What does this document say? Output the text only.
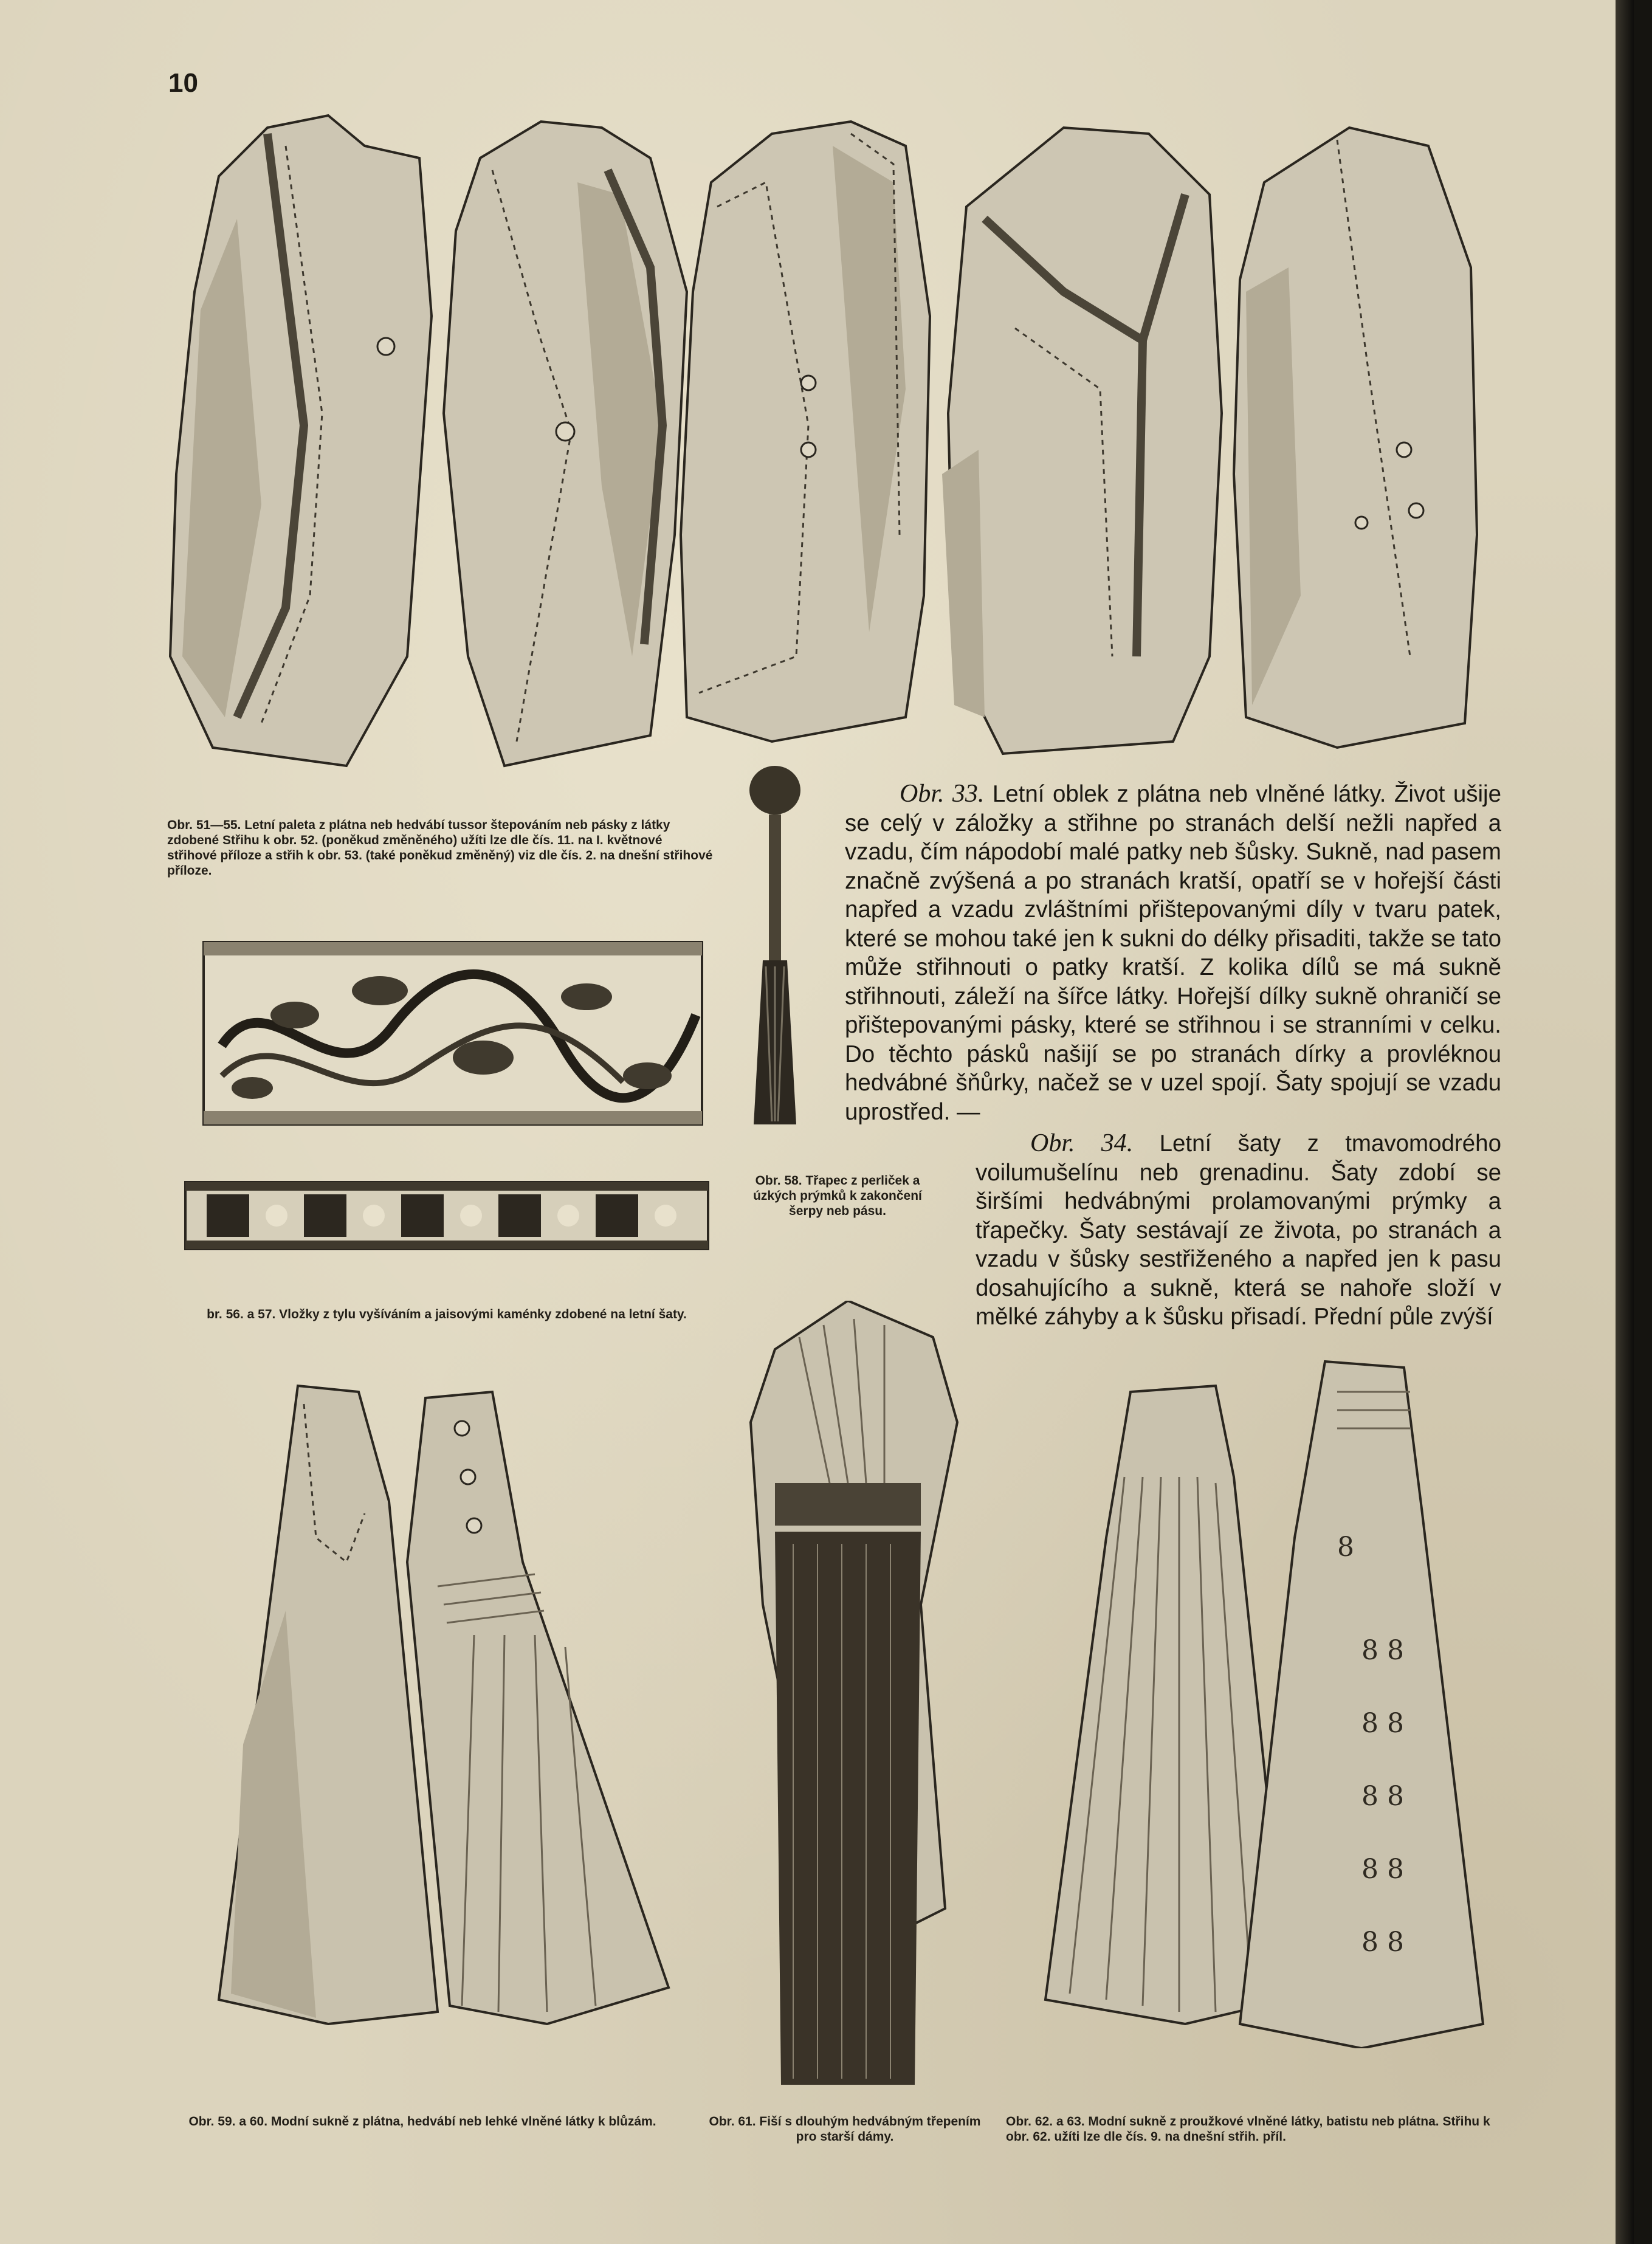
10
Obr. 51—55. Letní paleta z plátna neb hedvábí tussor štepováním neb pásky z látky zdobené Střihu k obr. 52. (poněkud změněného) užíti lze dle čís. 11. na I. květnové střihové příloze a střih k obr. 53. (také poněkud změněný) viz dle čís. 2. na dnešní střihové příloze.
br. 56. a 57. Vložky z tylu vyšíváním a jaisovými kaménky zdobené na letní šaty.
Obr. 58. Třapec z perliček a úzkých prýmků k zakončení šerpy neb pásu.

Obr. 33. Letní oblek z plátna neb vlněné látky. Život ušije se celý v záložky a střihne po stranách delší nežli napřed a vzadu, čím nápodobí malé patky neb šůsky. Sukně, nad pasem značně zvýšená a po stranách kratší, opatří se v hořejší části napřed a vzadu zvláštními přištepovanými díly v tvaru patek, které se mohou také jen k sukni do délky přisaditi, takže se tato může střihnouti o patky kratší. Z kolika dílů se má sukně střihnouti, záleží na šířce látky. Hořejší dílky sukně ohraničí se přištepovanými pásky, které se střihnou i se stranními v celku. Do těchto pásků našijí se po stranách dírky a provléknou hedvábné šňůrky, načež se v uzel spojí. Šaty spojují se vzadu uprostřed. —

Obr. 34. Letní šaty z tmavomodrého voilumušelínu neb grenadinu. Šaty zdobí se širšími hedvábnými prolamovanými prýmky a třapečky. Šaty sestávají ze života, po stranách a vzadu v šůsky sestřiženého a napřed jen k pasu dosahujícího a sukně, která se nahoře složí v mělké záhyby a k šůsku přisadí. Přední půle zvýší

Obr. 59. a 60. Modní sukně z plátna, hedvábí neb lehké vlněné látky k blůzám.	Obr. 61. Fiší s dlouhým hedvábným třepením pro starší dámy.
8
8 8
8 8
8 8
8 8
8 8
Obr. 62. a 63. Modní sukně z proužkové vlněné látky, batistu neb plátna. Střihu k obr. 62. užíti lze dle čís. 9. na dnešní střih. příl.
